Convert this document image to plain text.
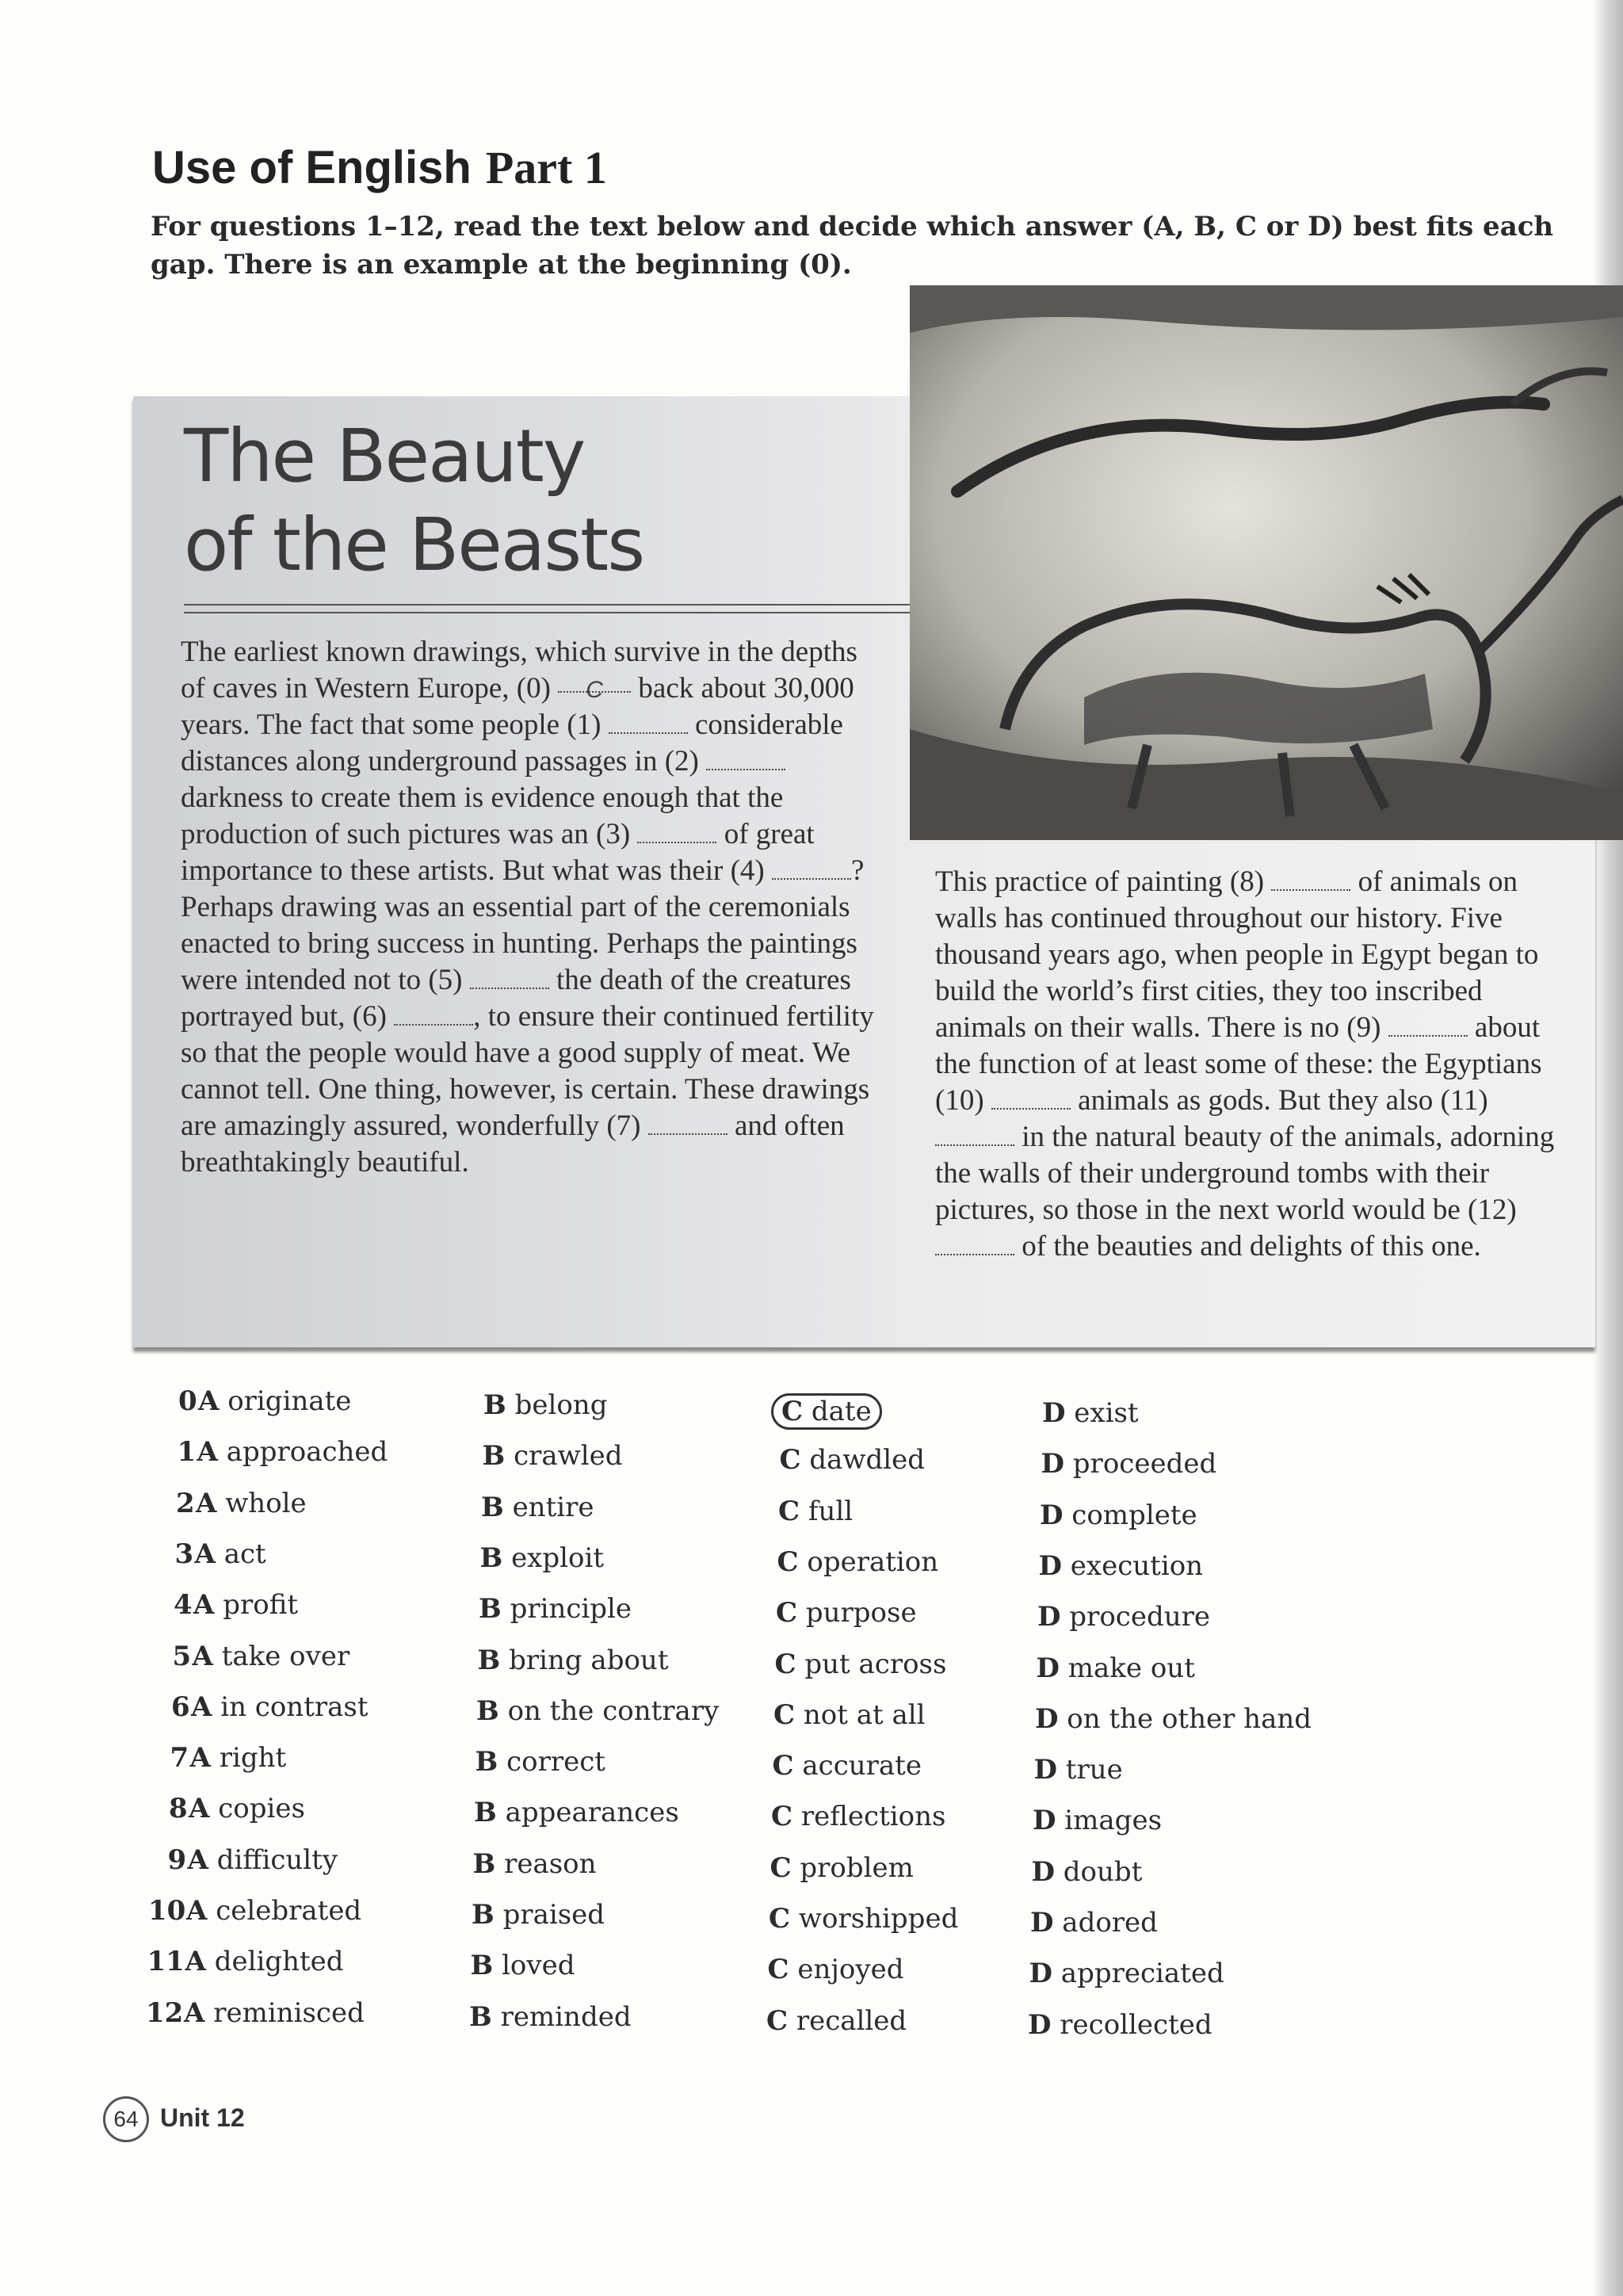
Use of English Part 1
For questions 1–12, read the text below and decide which answer (A, B, C or D) best fits each gap. There is an example at the beginning (0).
The Beauty
of the Beasts
The earliest known drawings, which survive in the depths of caves in Western Europe, (0) C back about 30,000 years. The fact that some people (1)	considerable distances along underground passages in (2)  darkness to create them is evidence enough that the production of such pictures was an (3)	of great importance to these artists. But what was their (4)	? Perhaps drawing was an essential part of the ceremonials enacted to bring success in hunting. Perhaps the paintings were intended not to (5)	the death of the creatures portrayed but, (6)	, to ensure their continued fertility so that the people would have a good supply of meat. We cannot tell. One thing, however, is certain. These drawings are amazingly assured, wonderfully (7)	and often breathtakingly beautiful.
This practice of painting (8)	of animals on walls has continued throughout our history. Five thousand years ago, when people in Egypt began to build the world’s first cities, they too inscribed animals on their walls. There is no (9)	about the function of at least some of these: the Egyptians (10)	animals as gods. But they also (11)  in the natural beauty of the animals, adorning the walls of their underground tombs with their pictures, so those in the next world would be (12)  of the beauties and delights of this one.
0 A originate	B belong	C date	D exist
1 A approached	B crawled	C dawdled	D proceeded
2 A whole	B entire	C full	D complete
3 A act	B exploit	C operation	D execution
4 A profit	B principle	C purpose	D procedure
5 A take over	B bring about	C put across	D make out
6 A in contrast	B on the contrary C not at all	D on the other hand
7 A right	B correct	C accurate	D true
8 A copies	B appearances	C reflections	D images
9 A difficulty	B reason	C problem	D doubt
10 A celebrated	B praised	C worshipped	D adored
11 A delighted	B loved	C enjoyed	D appreciated
12 A reminisced	B reminded	C recalled	D recollected
64 Unit 12
